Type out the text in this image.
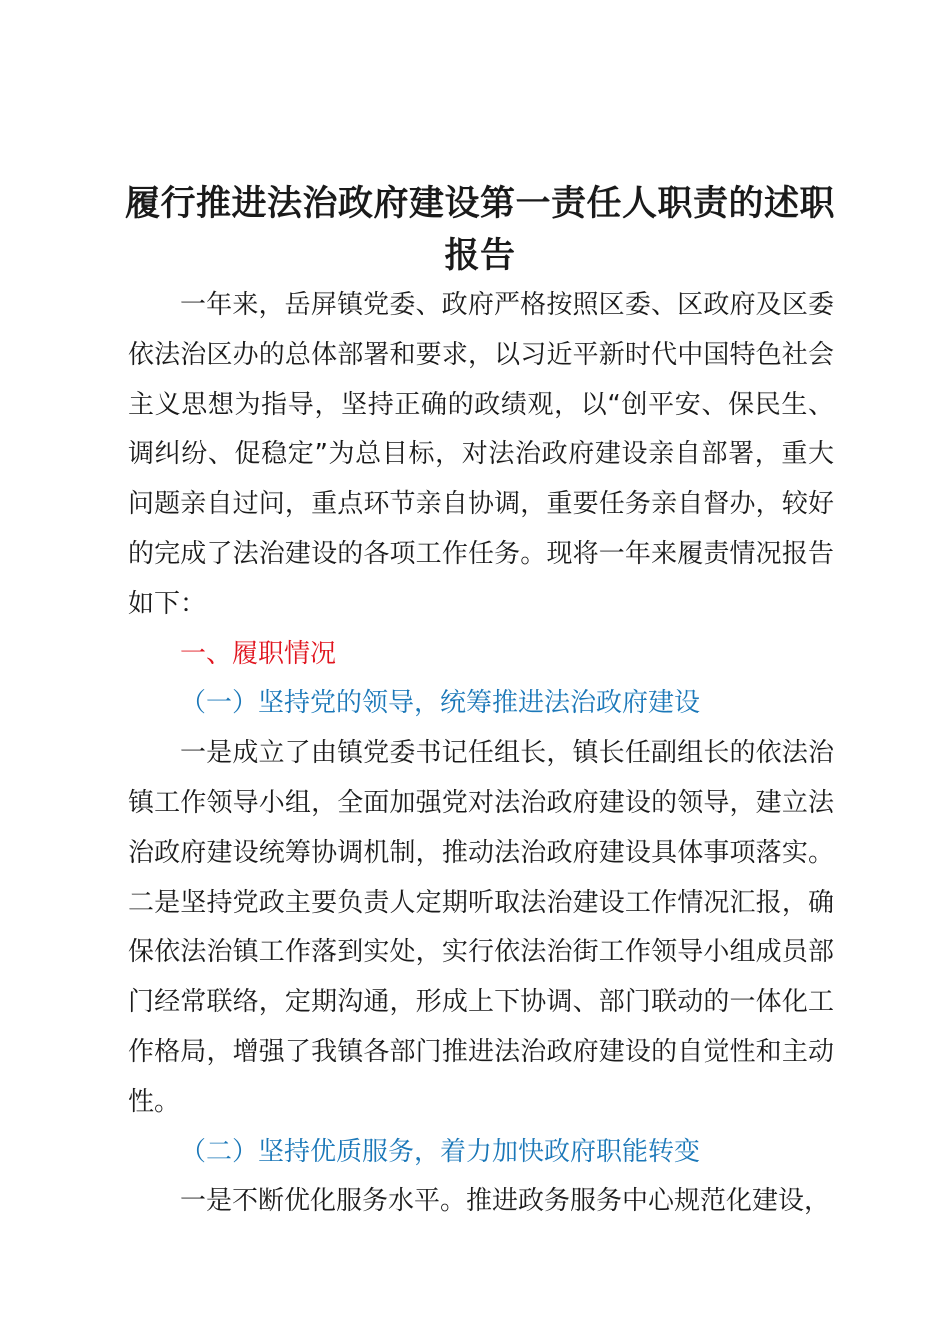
履行推进法治政府建设第一责任人职责的述职
报告

一年来，岳屏镇党委、政府严格按照区委、区政府及区委依法治区办的总体部署和要求，以习近平新时代中国特色社会主义思想为指导，坚持正确的政绩观，以“创平安、保民生、调纠纷、促稳定”为总目标，对法治政府建设亲自部署，重大问题亲自过问，重点环节亲自协调，重要任务亲自督办，较好的完成了法治建设的各项工作任务。现将一年来履责情况报告如下：

一、履职情况

（一）坚持党的领导，统筹推进法治政府建设

一是成立了由镇党委书记任组长，镇长任副组长的依法治镇工作领导小组，全面加强党对法治政府建设的领导，建立法治政府建设统筹协调机制，推动法治政府建设具体事项落实。二是坚持党政主要负责人定期听取法治建设工作情况汇报，确保依法治镇工作落到实处，实行依法治街工作领导小组成员部门经常联络，定期沟通，形成上下协调、部门联动的一体化工作格局，增强了我镇各部门推进法治政府建设的自觉性和主动性。

（二）坚持优质服务，着力加快政府职能转变

一是不断优化服务水平。推进政务服务中心规范化建设，
